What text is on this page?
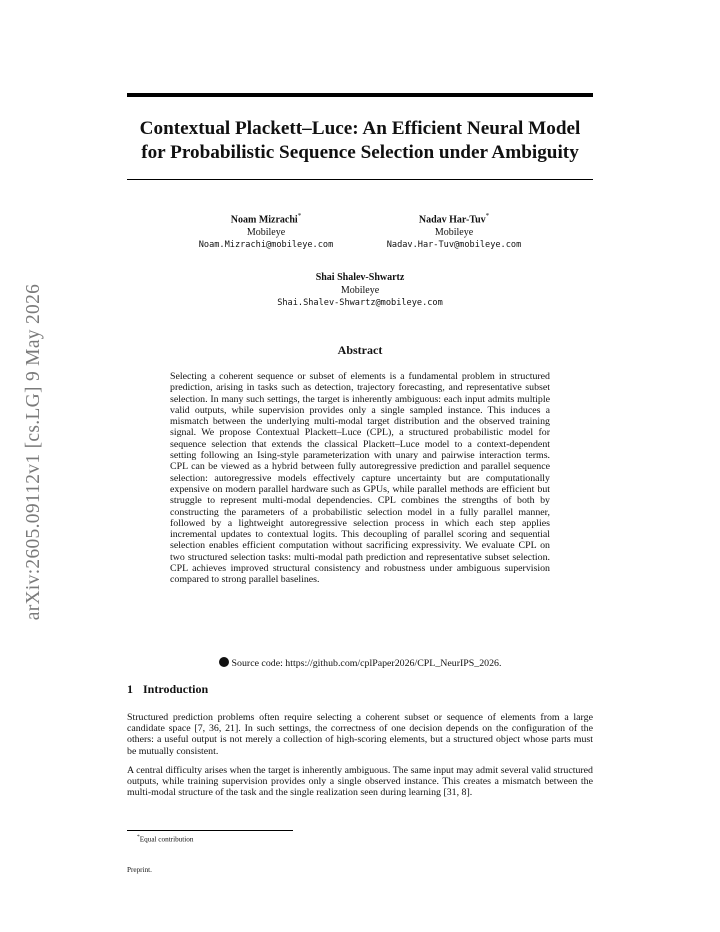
arXiv:2605.09112v1 [cs.LG] 9 May 2026
Contextual Plackett–Luce: An Efficient Neural Model for Probabilistic Sequence Selection under Ambiguity
Noam Mizrachi*
Mobileye
Noam.Mizrachi@mobileye.com
Nadav Har-Tuv*
Mobileye
Nadav.Har-Tuv@mobileye.com
Shai Shalev-Shwartz
Mobileye
Shai.Shalev-Shwartz@mobileye.com
Abstract
Selecting a coherent sequence or subset of elements is a fundamental problem in structured prediction, arising in tasks such as detection, trajectory forecasting, and representative subset selection. In many such settings, the target is inherently ambiguous: each input admits multiple valid outputs, while supervision provides only a single sampled instance. This induces a mismatch between the underlying multi-modal target distribution and the observed training signal. We propose Contextual Plackett–Luce (CPL), a structured probabilistic model for sequence selection that extends the classical Plackett–Luce model to a context-dependent setting following an Ising-style parameterization with unary and pairwise interaction terms. CPL can be viewed as a hybrid between fully autoregressive prediction and parallel sequence selection: autoregressive models effectively capture uncertainty but are computationally expensive on modern parallel hardware such as GPUs, while parallel methods are efficient but struggle to represent multi-modal dependencies. CPL combines the strengths of both by constructing the parameters of a probabilistic selection model in a fully parallel manner, followed by a lightweight autoregressive selection process in which each step applies incremental updates to contextual logits. This decoupling of parallel scoring and sequential selection enables efficient computation without sacrificing expressivity. We evaluate CPL on two structured selection tasks: multi-modal path prediction and representative subset selection. CPL achieves improved structural consistency and robustness under ambiguous supervision compared to strong parallel baselines.
Source code: https://github.com/cplPaper2026/CPL_NeurIPS_2026.
1 Introduction
Structured prediction problems often require selecting a coherent subset or sequence of elements from a large candidate space [7, 36, 21]. In such settings, the correctness of one decision depends on the configuration of the others: a useful output is not merely a collection of high-scoring elements, but a structured object whose parts must be mutually consistent.
A central difficulty arises when the target is inherently ambiguous. The same input may admit several valid structured outputs, while training supervision provides only a single observed instance. This creates a mismatch between the multi-modal structure of the task and the single realization seen during learning [31, 8].
*Equal contribution
Preprint.
